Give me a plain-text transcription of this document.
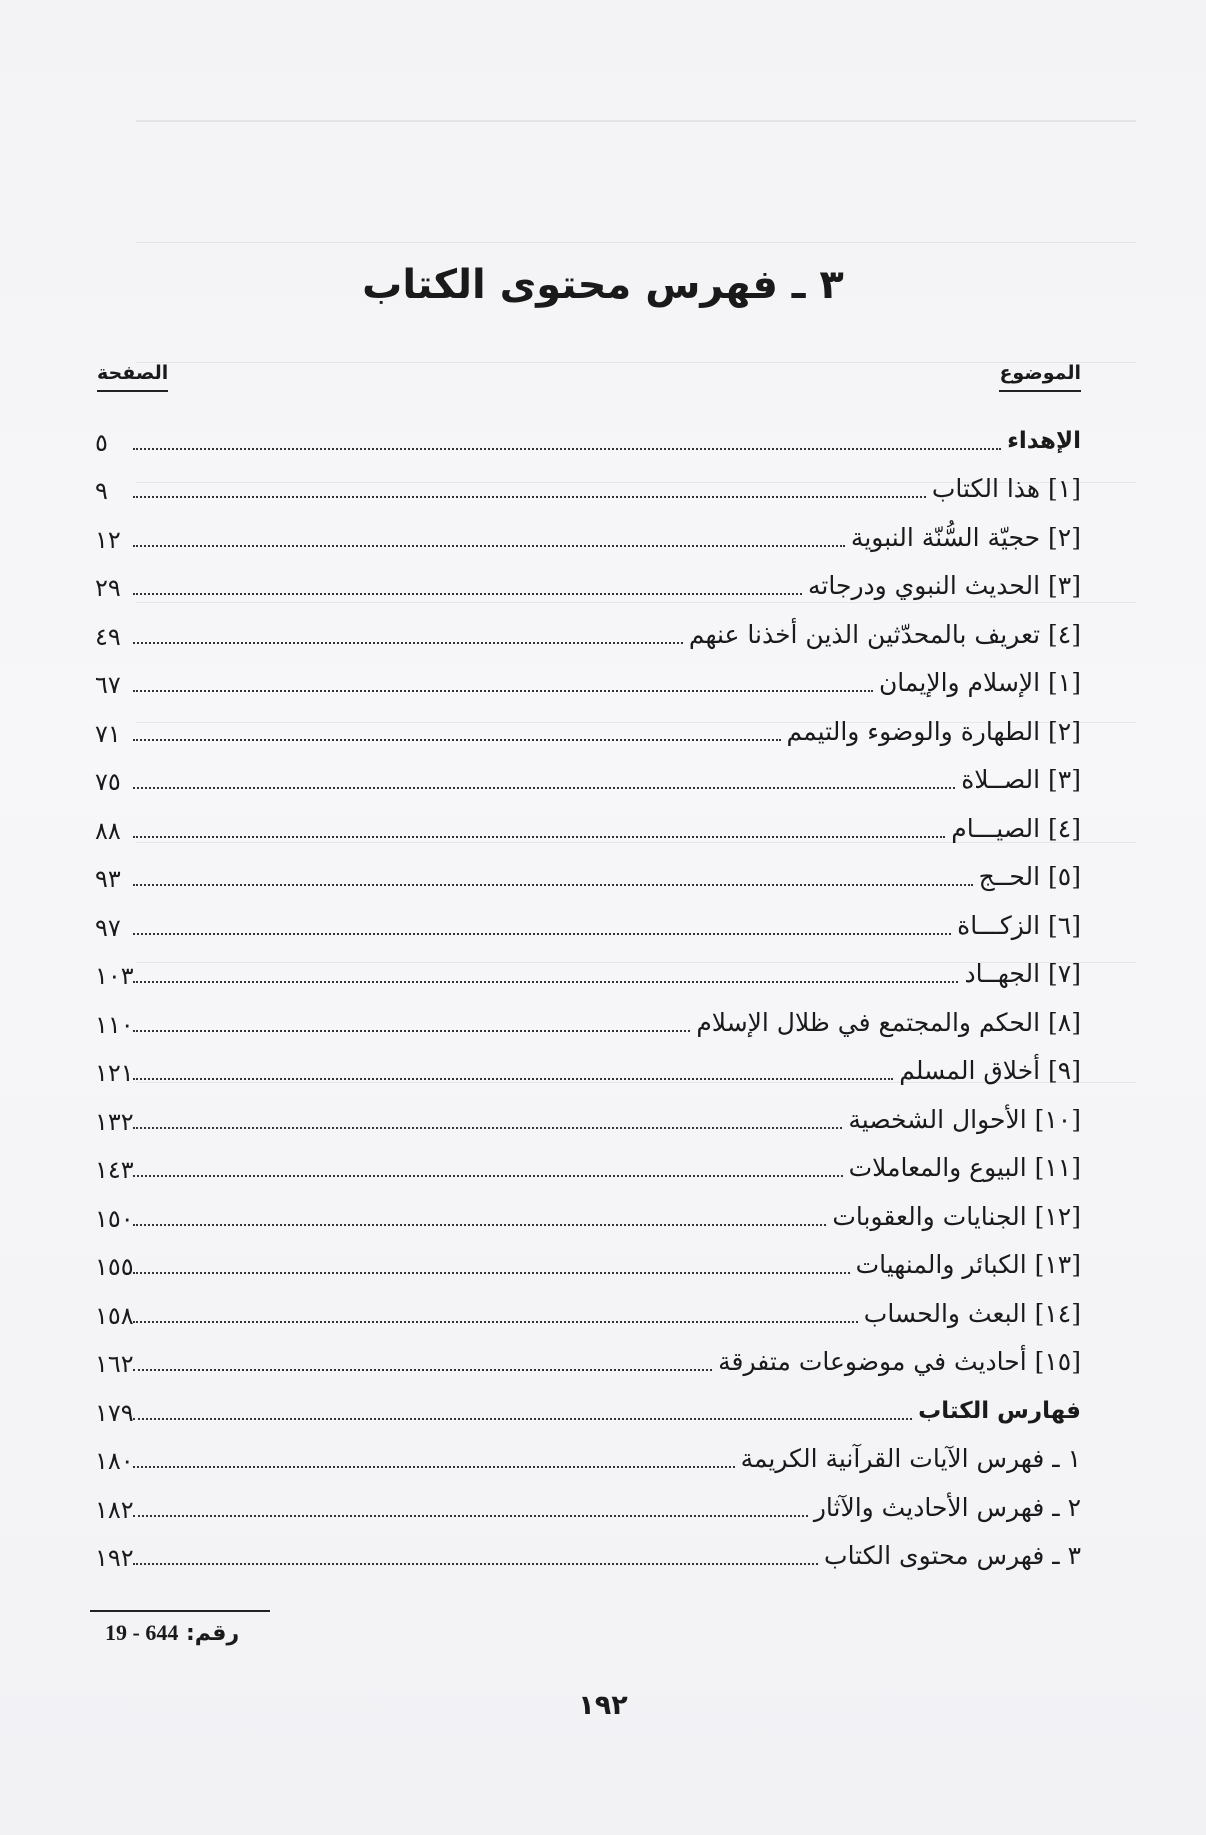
٣ ـ فهرس محتوى الكتاب
الموضوع
الصفحة
الإهداء
٥
[١] هذا الكتاب
٩
[٢] حجيّة السُّنّة النبوية
١٢
[٣] الحديث النبوي ودرجاته
٢٩
[٤] تعريف بالمحدّثين الذين أخذنا عنهم
٤٩
[١] الإسلام والإيمان
٦٧
[٢] الطهارة والوضوء والتيمم
٧١
[٣] الصــلاة
٧٥
[٤] الصيـــام
٨٨
[٥] الحــج
٩٣
[٦] الزكـــاة
٩٧
[٧] الجهــاد
١٠٣
[٨] الحكم والمجتمع في ظلال الإسلام
١١٠
[٩] أخلاق المسلم
١٢١
[١٠] الأحوال الشخصية
١٣٢
[١١] البيوع والمعاملات
١٤٣
[١٢] الجنايات والعقوبات
١٥٠
[١٣] الكبائر والمنهيات
١٥٥
[١٤] البعث والحساب
١٥٨
[١٥] أحاديث في موضوعات متفرقة
١٦٢
فهارس الكتاب
١٧٩
١ ـ فهرس الآيات القرآنية الكريمة
١٨٠
٢ ـ فهرس الأحاديث والآثار
١٨٢
٣ ـ فهرس محتوى الكتاب
١٩٢
رقم: 19 - 644
١٩٢
